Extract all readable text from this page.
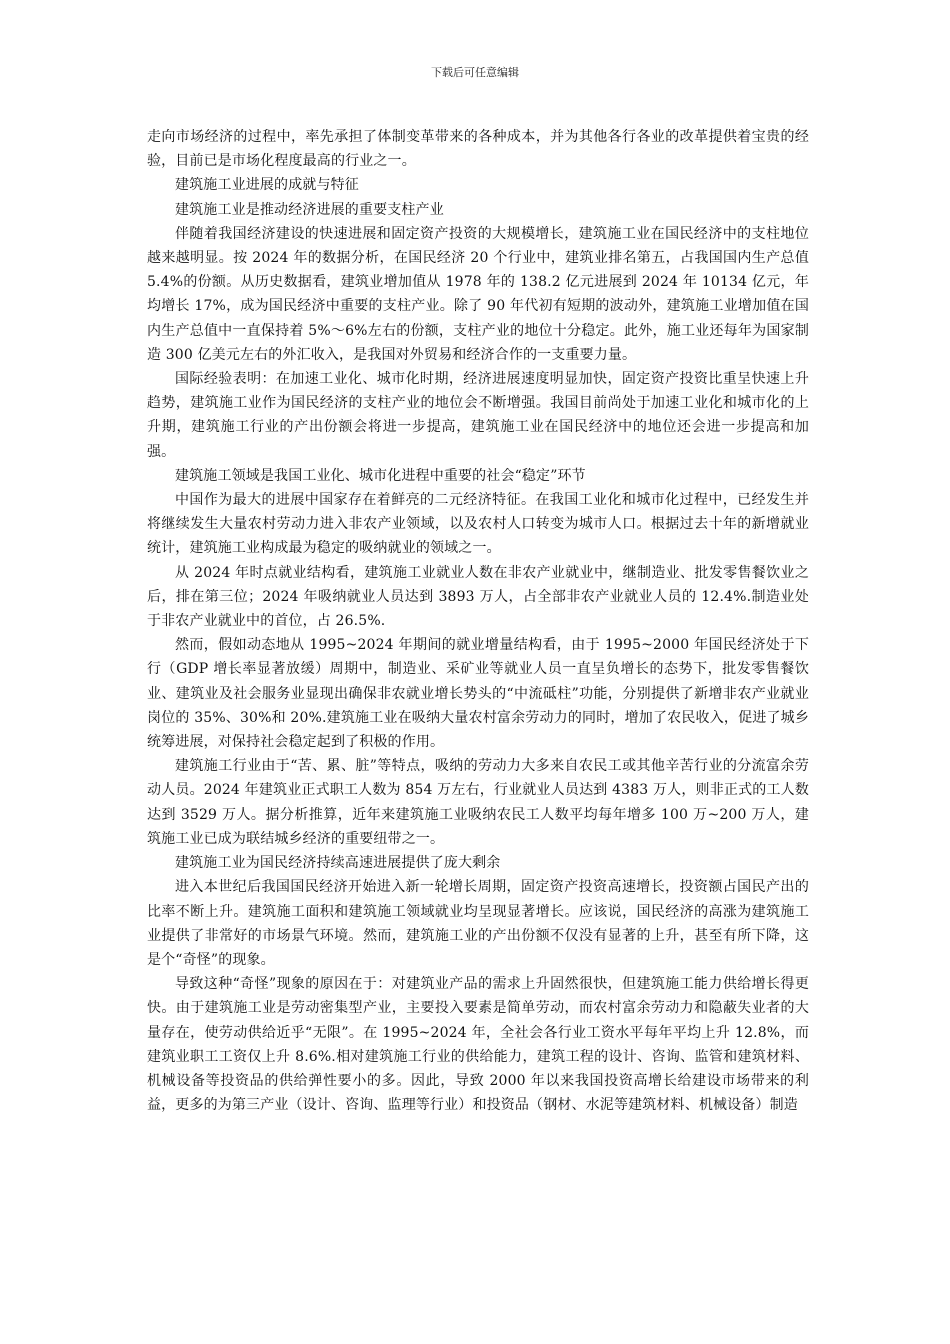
下载后可任意编辑

走向市场经济的过程中，率先承担了体制变革带来的各种成本，并为其他各行各业的改革提供着宝贵的经验，目前已是市场化程度最高的行业之一。

建筑施工业进展的成就与特征

建筑施工业是推动经济进展的重要支柱产业

伴随着我国经济建设的快速进展和固定资产投资的大规模增长，建筑施工业在国民经济中的支柱地位越来越明显。按 2024 年的数据分析，在国民经济 20 个行业中，建筑业排名第五，占我国国内生产总值 5.4%的份额。从历史数据看，建筑业增加值从 1978 年的 138.2 亿元进展到 2024 年 10134 亿元，年均增长 17%，成为国民经济中重要的支柱产业。除了 90 年代初有短期的波动外，建筑施工业增加值在国内生产总值中一直保持着 5%～6%左右的份额，支柱产业的地位十分稳定。此外，施工业还每年为国家制造 300 亿美元左右的外汇收入，是我国对外贸易和经济合作的一支重要力量。

国际经验表明：在加速工业化、城市化时期，经济进展速度明显加快，固定资产投资比重呈快速上升趋势，建筑施工业作为国民经济的支柱产业的地位会不断增强。我国目前尚处于加速工业化和城市化的上升期，建筑施工行业的产出份额会将进一步提高，建筑施工业在国民经济中的地位还会进一步提高和加强。

建筑施工领域是我国工业化、城市化进程中重要的社会“稳定”环节

中国作为最大的进展中国家存在着鲜亮的二元经济特征。在我国工业化和城市化过程中，已经发生并将继续发生大量农村劳动力进入非农产业领域，以及农村人口转变为城市人口。根据过去十年的新增就业统计，建筑施工业构成最为稳定的吸纳就业的领域之一。

从 2024 年时点就业结构看，建筑施工业就业人数在非农产业就业中，继制造业、批发零售餐饮业之后，排在第三位；2024 年吸纳就业人员达到 3893 万人，占全部非农产业就业人员的 12.4%.制造业处于非农产业就业中的首位，占 26.5%.

然而，假如动态地从 1995~2024 年期间的就业增量结构看，由于 1995~2000 年国民经济处于下行（GDP 增长率显著放缓）周期中，制造业、采矿业等就业人员一直呈负增长的态势下，批发零售餐饮业、建筑业及社会服务业显现出确保非农就业增长势头的“中流砥柱”功能，分别提供了新增非农产业就业岗位的 35%、30%和 20%.建筑施工业在吸纳大量农村富余劳动力的同时，增加了农民收入，促进了城乡统筹进展，对保持社会稳定起到了积极的作用。

建筑施工行业由于“苦、累、脏”等特点，吸纳的劳动力大多来自农民工或其他辛苦行业的分流富余劳动人员。2024 年建筑业正式职工人数为 854 万左右，行业就业人员达到 4383 万人，则非正式的工人数达到 3529 万人。据分析推算，近年来建筑施工业吸纳农民工人数平均每年增多 100 万~200 万人，建筑施工业已成为联结城乡经济的重要纽带之一。

建筑施工业为国民经济持续高速进展提供了庞大剩余

进入本世纪后我国国民经济开始进入新一轮增长周期，固定资产投资高速增长，投资额占国民产出的比率不断上升。建筑施工面积和建筑施工领域就业均呈现显著增长。应该说，国民经济的高涨为建筑施工业提供了非常好的市场景气环境。然而，建筑施工业的产出份额不仅没有显著的上升，甚至有所下降，这是个“奇怪”的现象。

导致这种“奇怪”现象的原因在于：对建筑业产品的需求上升固然很快，但建筑施工能力供给增长得更快。由于建筑施工业是劳动密集型产业，主要投入要素是简单劳动，而农村富余劳动力和隐蔽失业者的大量存在，使劳动供给近乎“无限”。在 1995~2024 年，全社会各行业工资水平每年平均上升 12.8%，而建筑业职工工资仅上升 8.6%.相对建筑施工行业的供给能力，建筑工程的设计、咨询、监管和建筑材料、机械设备等投资品的供给弹性要小的多。因此，导致 2000 年以来我国投资高增长给建设市场带来的利益，更多的为第三产业（设计、咨询、监理等行业）和投资品（钢材、水泥等建筑材料、机械设备）制造
